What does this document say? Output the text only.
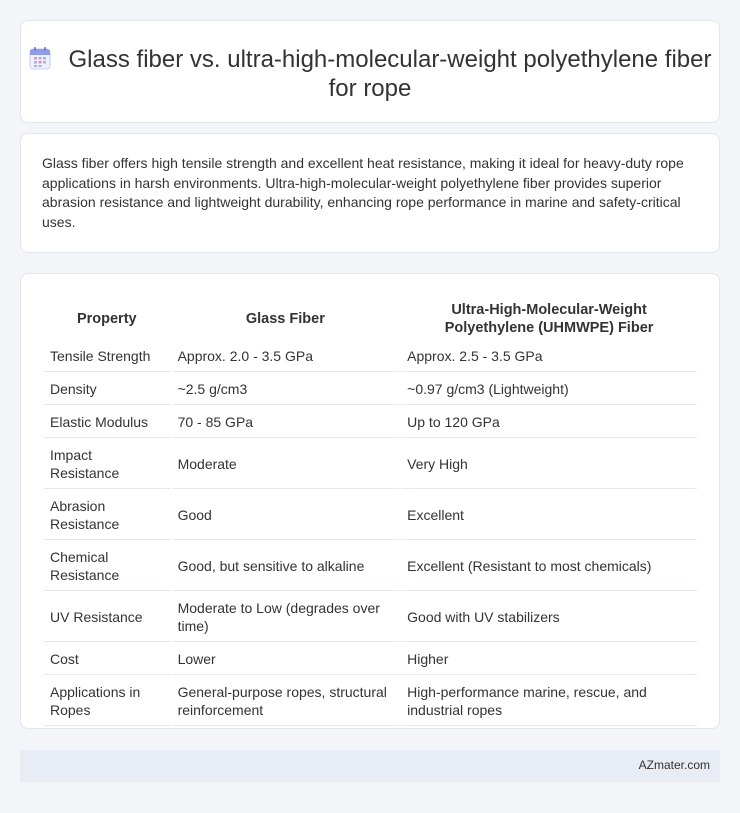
Glass fiber vs. ultra-high-molecular-weight polyethylene fiber for rope

Glass fiber offers high tensile strength and excellent heat resistance, making it ideal for heavy-duty rope applications in harsh environments. Ultra-high-molecular-weight polyethylene fiber provides superior abrasion resistance and lightweight durability, enhancing rope performance in marine and safety-critical uses.

Property	Glass Fiber	Ultra-High-Molecular-Weight Polyethylene (UHMWPE) Fiber
Tensile Strength	Approx. 2.0 - 3.5 GPa	Approx. 2.5 - 3.5 GPa
Density	~2.5 g/cm3	~0.97 g/cm3 (Lightweight)
Elastic Modulus	70 - 85 GPa	Up to 120 GPa
Impact Resistance	Moderate	Very High
Abrasion Resistance	Good	Excellent
Chemical Resistance	Good, but sensitive to alkaline	Excellent (Resistant to most chemicals)
UV Resistance	Moderate to Low (degrades over time)	Good with UV stabilizers
Cost	Lower	Higher
Applications in Ropes	General-purpose ropes, structural reinforcement	High-performance marine, rescue, and industrial ropes
AZmater.com
